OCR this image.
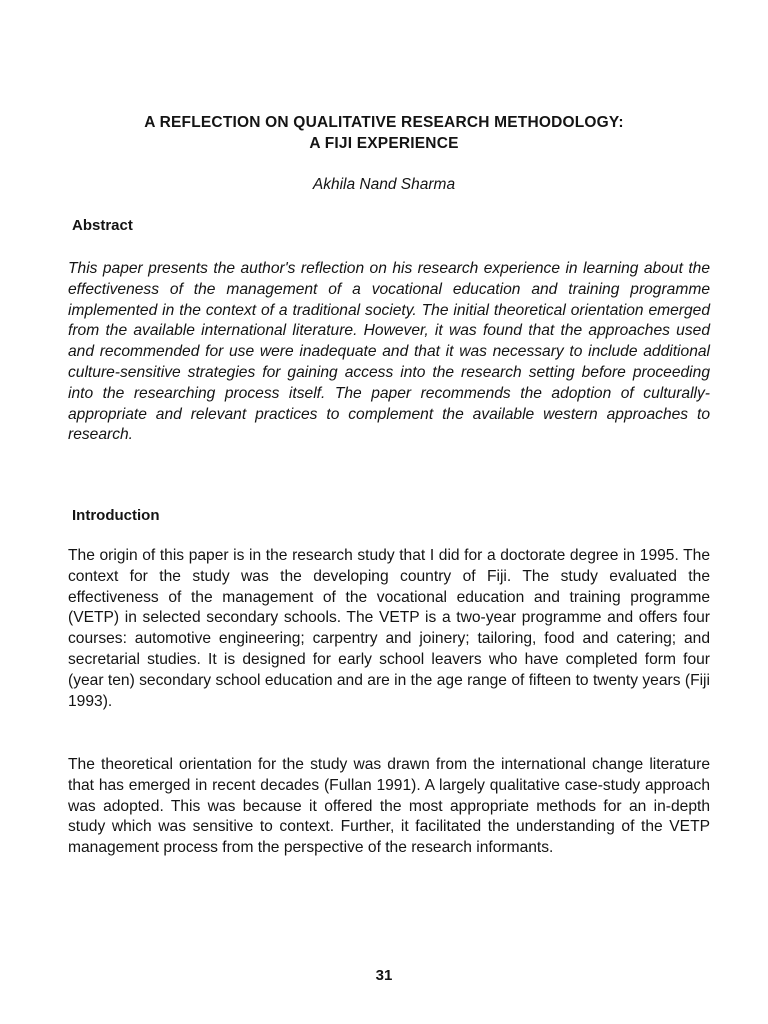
A REFLECTION ON QUALITATIVE RESEARCH METHODOLOGY:
A FIJI EXPERIENCE
Akhila Nand Sharma
Abstract

This paper presents the author's reflection on his research experience in learning about the effectiveness of the management of a vocational education and training programme implemented in the context of a traditional society. The initial theoretical orientation emerged from the available international literature. However, it was found that the approaches used and recommended for use were inadequate and that it was necessary to include additional culture-sensitive strategies for gaining access into the research setting before proceeding into the researching process itself. The paper recommends the adoption of culturally-appropriate and relevant practices to complement the available western approaches to research.

Introduction

The origin of this paper is in the research study that I did for a doctorate degree in 1995. The context for the study was the developing country of Fiji. The study evaluated the effectiveness of the management of the vocational education and training programme (VETP) in selected secondary schools. The VETP is a two-year programme and offers four courses: automotive engineering; carpentry and joinery; tailoring, food and catering; and secretarial studies. It is designed for early school leavers who have completed form four (year ten) secondary school education and are in the age range of fifteen to twenty years (Fiji 1993).

The theoretical orientation for the study was drawn from the international change literature that has emerged in recent decades (Fullan 1991). A largely qualitative case-study approach was adopted. This was because it offered the most appropriate methods for an in-depth study which was sensitive to context. Further, it facilitated the understanding of the VETP management process from the perspective of the research informants.

31
